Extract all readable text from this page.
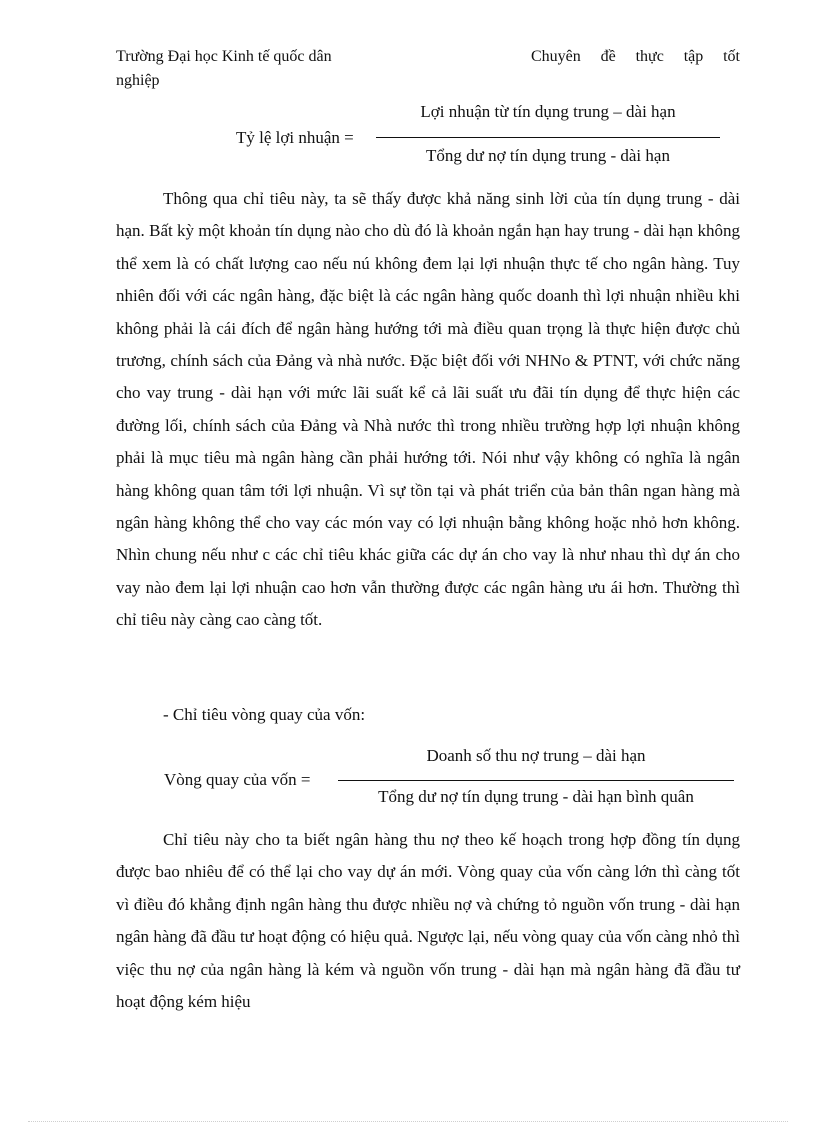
Trường Đại học Kinh tế quốc dân nghiệp
Chuyên đề thực tập tốt
Tỷ lệ lợi nhuận =
Lợi nhuận từ tín dụng trung – dài hạn
Tổng dư nợ tín dụng trung - dài hạn

Thông qua chỉ tiêu này, ta sẽ thấy được khả năng sinh lời của tín dụng trung - dài hạn. Bất kỳ một khoản tín dụng nào cho dù đó là khoản ngắn hạn hay trung - dài hạn không thể xem là có chất lượng cao nếu nú không đem lại lợi nhuận thực tế cho ngân hàng. Tuy nhiên đối với các ngân hàng, đặc biệt là các ngân hàng quốc doanh thì lợi nhuận nhiều khi không phải là cái đích để ngân hàng hướng tới mà điều quan trọng là thực hiện được chủ trương, chính sách của Đảng và nhà nước. Đặc biệt đối với NHNo & PTNT, với chức năng cho vay trung - dài hạn với mức lãi suất kể cả lãi suất ưu đãi tín dụng để thực hiện các đường lối, chính sách của Đảng và Nhà nước thì trong nhiều trường hợp lợi nhuận không phải là mục tiêu mà ngân hàng cần phải hướng tới. Nói như vậy không có nghĩa là ngân hàng không quan tâm tới lợi nhuận. Vì sự tồn tại và phát triển của bản thân ngan hàng mà ngân hàng không thể cho vay các món vay có lợi nhuận bằng không hoặc nhỏ hơn không. Nhìn chung nếu như c các chỉ tiêu khác giữa các dự án cho vay là như nhau thì dự án cho vay nào đem lại lợi nhuận cao hơn vẫn thường được các ngân hàng ưu ái hơn. Thường thì chỉ tiêu này càng cao càng tốt.

- Chỉ tiêu vòng quay của vốn:
Vòng quay của vốn =
Doanh số thu nợ trung – dài hạn
Tổng dư nợ tín dụng trung - dài hạn bình quân

Chỉ tiêu này cho ta biết ngân hàng thu nợ theo kế hoạch trong hợp đồng tín dụng được bao nhiêu để có thể lại cho vay dự án mới. Vòng quay của vốn càng lớn thì càng tốt vì điều đó khẳng định ngân hàng thu được nhiều nợ và chứng tỏ nguồn vốn trung - dài hạn ngân hàng đã đầu tư hoạt động có hiệu quả. Ngược lại, nếu vòng quay của vốn càng nhỏ thì việc thu nợ của ngân hàng là kém và nguồn vốn trung - dài hạn mà ngân hàng đã đầu tư hoạt động kém hiệu
